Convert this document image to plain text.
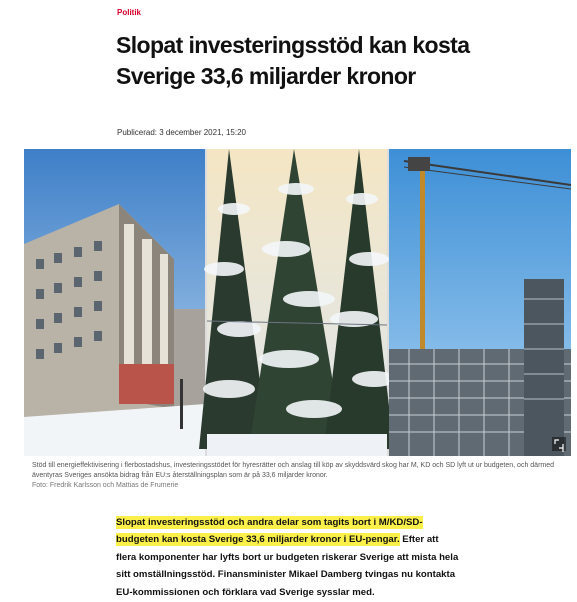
Politik
Slopat investeringsstöd kan kosta Sverige 33,6 miljarder kronor
Publicerad: 3 december 2021, 15:20
Stöd till energieffektivisering i flerbostadshus, investeringsstödet för hyresrätter och anslag till köp av skyddsvärd skog har M, KD och SD lyft ut ur budgeten, och därmed äventyras Sveriges ansökta bidrag från EU:s återställningsplan som är på 33,6 miljarder kronor.
Foto: Fredrik Karlsson och Mattias de Frumerie

Slopat investeringsstöd och andra delar som tagits bort i M/KD/SD-budgeten kan kosta Sverige 33,6 miljarder kronor i EU-pengar. Efter att flera komponenter har lyfts bort ur budgeten riskerar Sverige att mista hela sitt omställningsstöd. Finansminister Mikael Damberg tvingas nu kontakta EU-kommissionen och förklara vad Sverige sysslar med.
